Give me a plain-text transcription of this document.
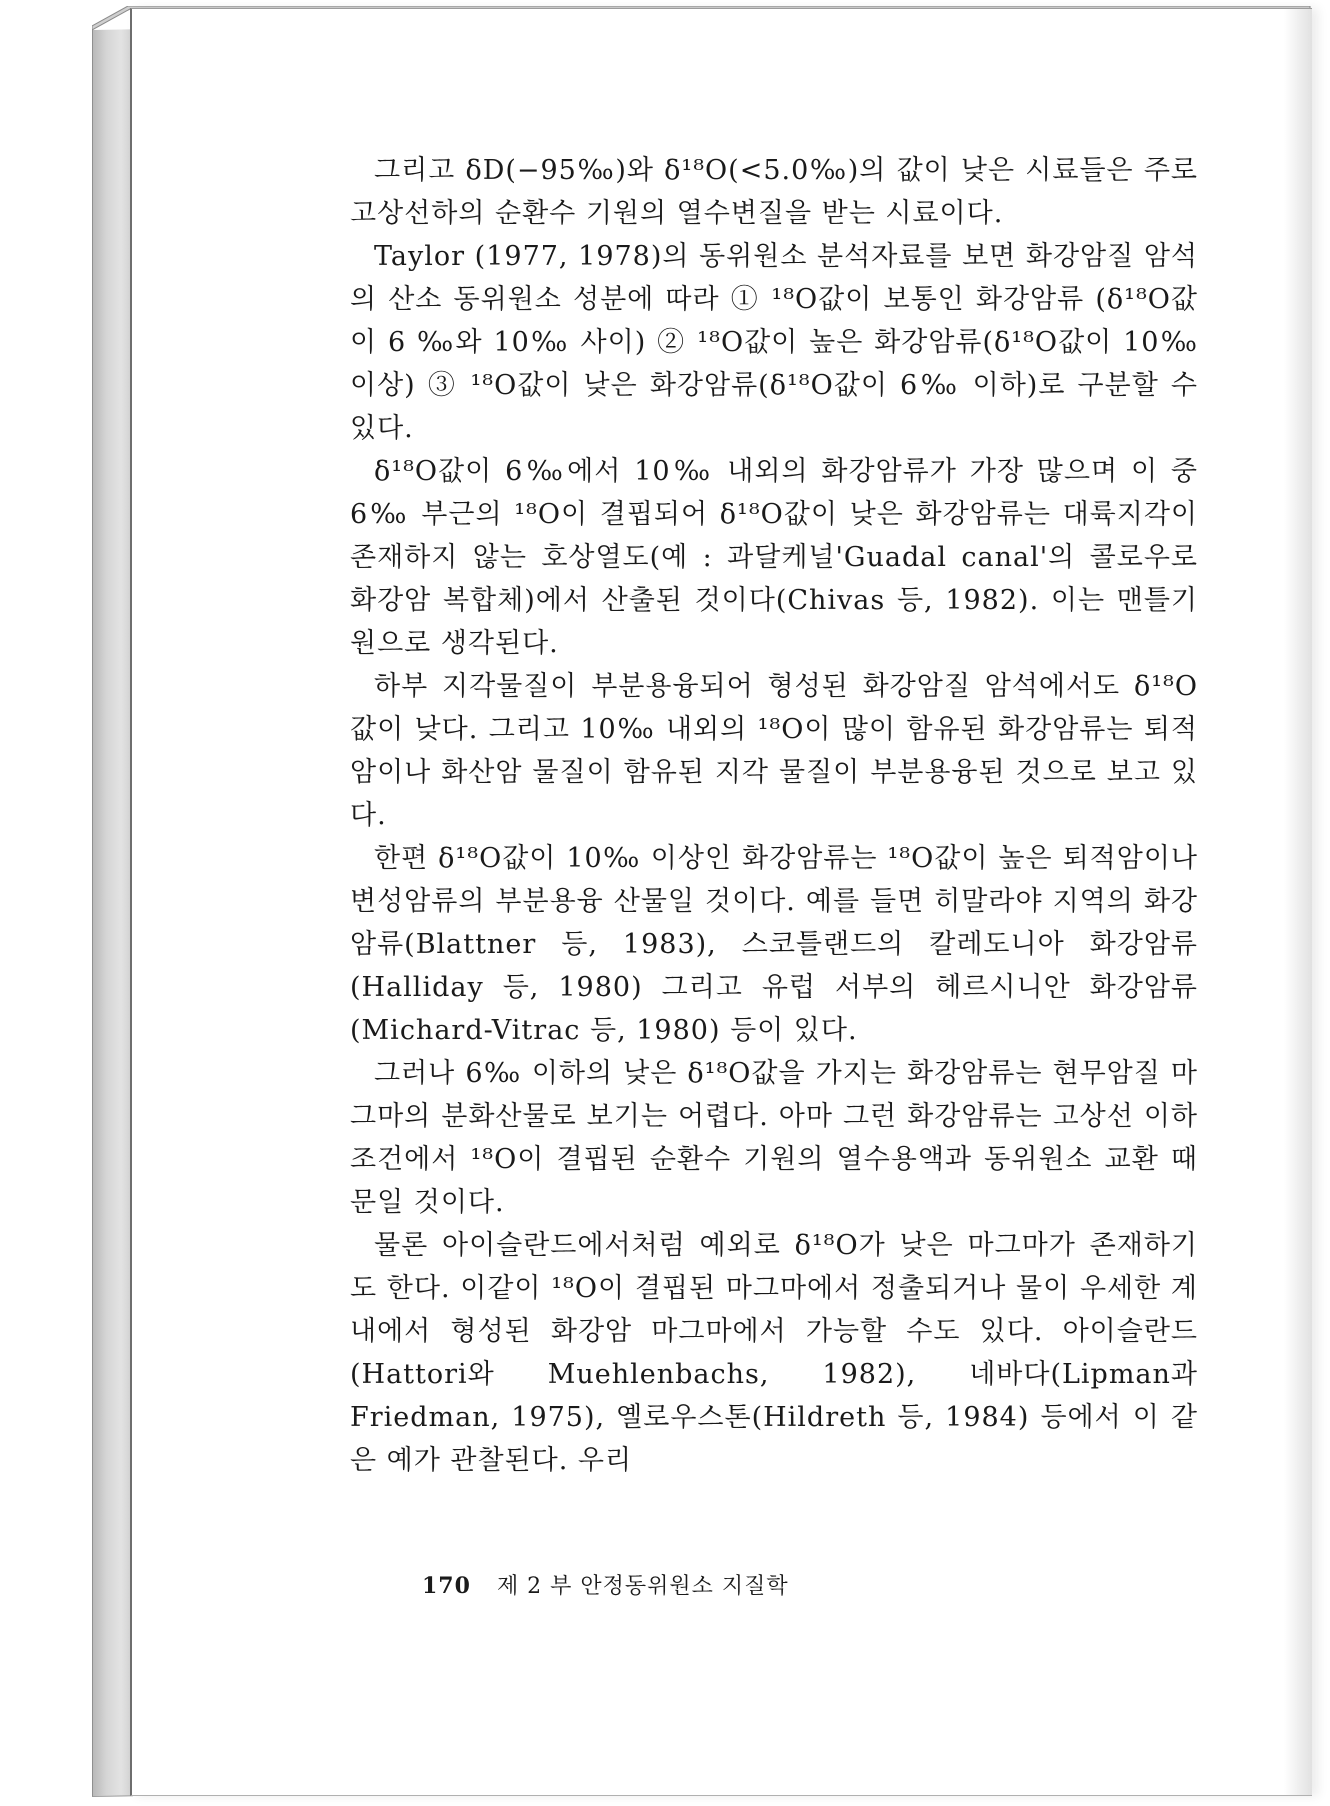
그리고 δD(−95‰)와 δ¹⁸O(<5.0‰)의 값이 낮은 시료들은 주로 고상선하의 순환수 기원의 열수변질을 받는 시료이다.

Taylor (1977, 1978)의 동위원소 분석자료를 보면 화강암질 암석의 산소 동위원소 성분에 따라 ① ¹⁸O값이 보통인 화강암류 (δ¹⁸O값이 6 ‰와 10‰ 사이) ② ¹⁸O값이 높은 화강암류(δ¹⁸O값이 10‰ 이상) ③ ¹⁸O값이 낮은 화강암류(δ¹⁸O값이 6‰ 이하)로 구분할 수 있다.

δ¹⁸O값이 6‰에서 10‰ 내외의 화강암류가 가장 많으며 이 중 6‰ 부근의 ¹⁸O이 결핍되어 δ¹⁸O값이 낮은 화강암류는 대륙지각이 존재하지 않는 호상열도(예 : 과달케널'Guadal canal'의 콜로우로 화강암 복합체)에서 산출된 것이다(Chivas 등, 1982). 이는 맨틀기원으로 생각된다.

하부 지각물질이 부분용융되어 형성된 화강암질 암석에서도 δ¹⁸O값이 낮다. 그리고 10‰ 내외의 ¹⁸O이 많이 함유된 화강암류는 퇴적암이나 화산암 물질이 함유된 지각 물질이 부분용융된 것으로 보고 있다.

한편 δ¹⁸O값이 10‰ 이상인 화강암류는 ¹⁸O값이 높은 퇴적암이나 변성암류의 부분용융 산물일 것이다. 예를 들면 히말라야 지역의 화강암류(Blattner 등, 1983), 스코틀랜드의 칼레도니아 화강암류 (Halliday 등, 1980) 그리고 유럽 서부의 헤르시니안 화강암류(Michard-Vitrac 등, 1980) 등이 있다.

그러나 6‰ 이하의 낮은 δ¹⁸O값을 가지는 화강암류는 현무암질 마그마의 분화산물로 보기는 어렵다. 아마 그런 화강암류는 고상선 이하 조건에서 ¹⁸O이 결핍된 순환수 기원의 열수용액과 동위원소 교환 때문일 것이다.

물론 아이슬란드에서처럼 예외로 δ¹⁸O가 낮은 마그마가 존재하기도 한다. 이같이 ¹⁸O이 결핍된 마그마에서 정출되거나 물이 우세한 계내에서 형성된 화강암 마그마에서 가능할 수도 있다. 아이슬란드 (Hattori와 Muehlenbachs, 1982), 네바다(Lipman과 Friedman, 1975), 옐로우스톤(Hildreth 등, 1984) 등에서 이 같은 예가 관찰된다. 우리

170 제 2 부 안정동위원소 지질학
